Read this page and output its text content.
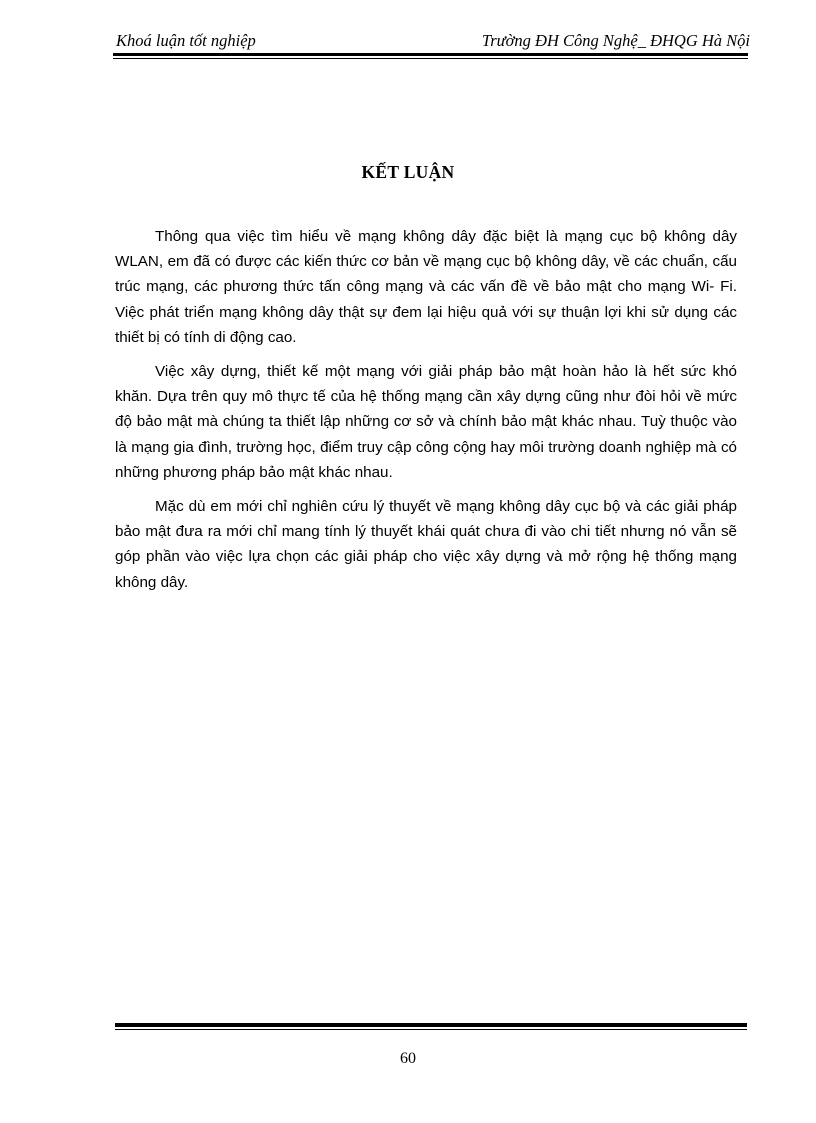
Khoá luận tốt nghiệp	Trường ĐH Công Nghệ_ ĐHQG Hà Nội
KẾT LUẬN

Thông qua việc tìm hiểu về mạng không dây đặc biệt là mạng cục bộ không dây WLAN, em đã có được các kiến thức cơ bản về mạng cục bộ không dây, về các chuẩn, cấu trúc mạng, các phương thức tấn công mạng và các vấn đề về bảo mật cho mạng Wi- Fi. Việc phát triển mạng không dây thật sự đem lại hiệu quả với sự thuận lợi khi sử dụng các thiết bị có tính di động cao.

Việc xây dựng, thiết kế một mạng với giải pháp bảo mật hoàn hảo là hết sức khó khăn. Dựa trên quy mô thực tế của hệ thống mạng cần xây dựng cũng như đòi hỏi về mức độ bảo mật mà chúng ta thiết lập những cơ sở và chính bảo mật khác nhau. Tuỳ thuộc vào là mạng gia đình, trường học, điểm truy cập công cộng hay môi trường doanh nghiệp mà có những phương pháp bảo mật khác nhau.

Mặc dù em mới chỉ nghiên cứu lý thuyết về mạng không dây cục bộ và các giải pháp bảo mật đưa ra mới chỉ mang tính lý thuyết khái quát chưa đi vào chi tiết nhưng nó vẫn sẽ góp phần vào việc lựa chọn các giải pháp cho việc xây dựng và mở rộng hệ thống mạng không dây.

60
